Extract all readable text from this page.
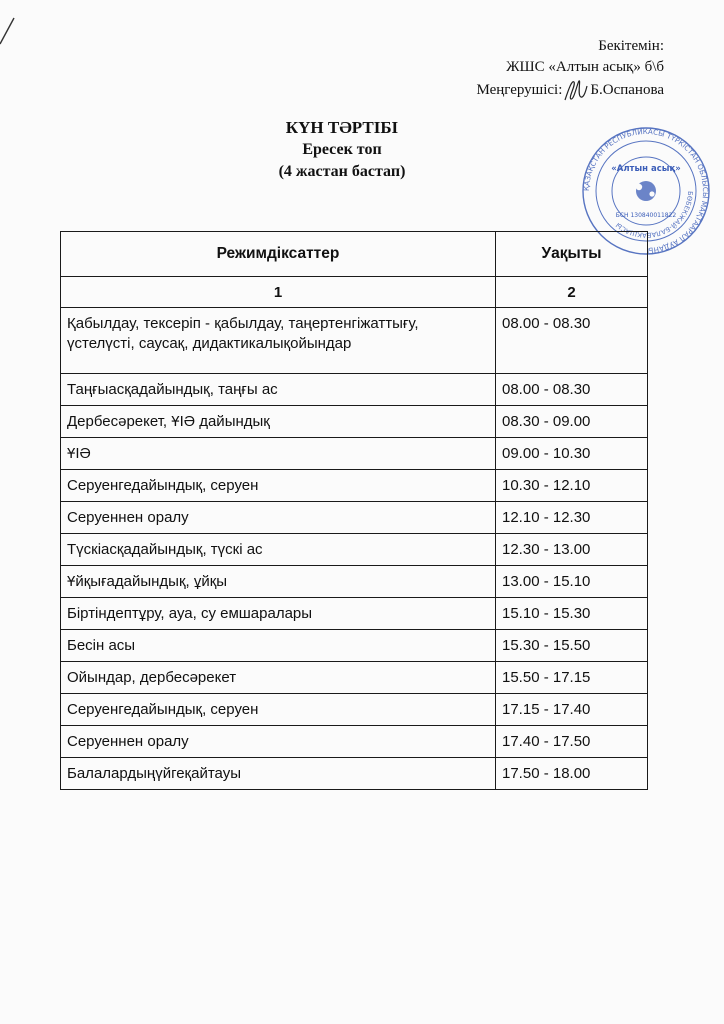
Бекітемін:
ЖШС «Алтын асық» б\б
Меңгерушісі: Б.Оспанова
ҚАЗАҚСТАН РЕСПУБЛИКАСЫ ТҮРКІСТАН ОБЛЫСЫ МАҚТААРАЛ АУДАНЫ
БӨБЕКЖАЙ-БАЛАБАҚШАСЫ
«Алтын асық»
БСН 130840011822
КҮН ТӘРТІБІ
Ересек топ
(4 жастан бастап)
Режимдіксаттер	Уақыты
1	2
Қабылдау, тексеріп - қабылдау, таңертенгіжаттығу, үстелүсті, саусақ, дидактикалықойындар	08.00 - 08.30
Таңғыасқадайындық, таңғы ас	08.00 - 08.30
Дербесәрекет, ҰІӘ дайындық	08.30 - 09.00
ҰІӘ	09.00 - 10.30
Серуенгедайындық, серуен	10.30 - 12.10
Серуеннен оралу	12.10 - 12.30
Түскіасқадайындық, түскі ас	12.30 - 13.00
Ұйқығадайындық, ұйқы	13.00 - 15.10
Біртіндептұру, ауа, су емшаралары	15.10 - 15.30
Бесін асы	15.30 - 15.50
Ойындар, дербесәрекет	15.50 - 17.15
Серуенгедайындық, серуен	17.15 - 17.40
Серуеннен оралу	17.40 - 17.50
Балалардыңүйгеқайтауы	17.50 - 18.00
